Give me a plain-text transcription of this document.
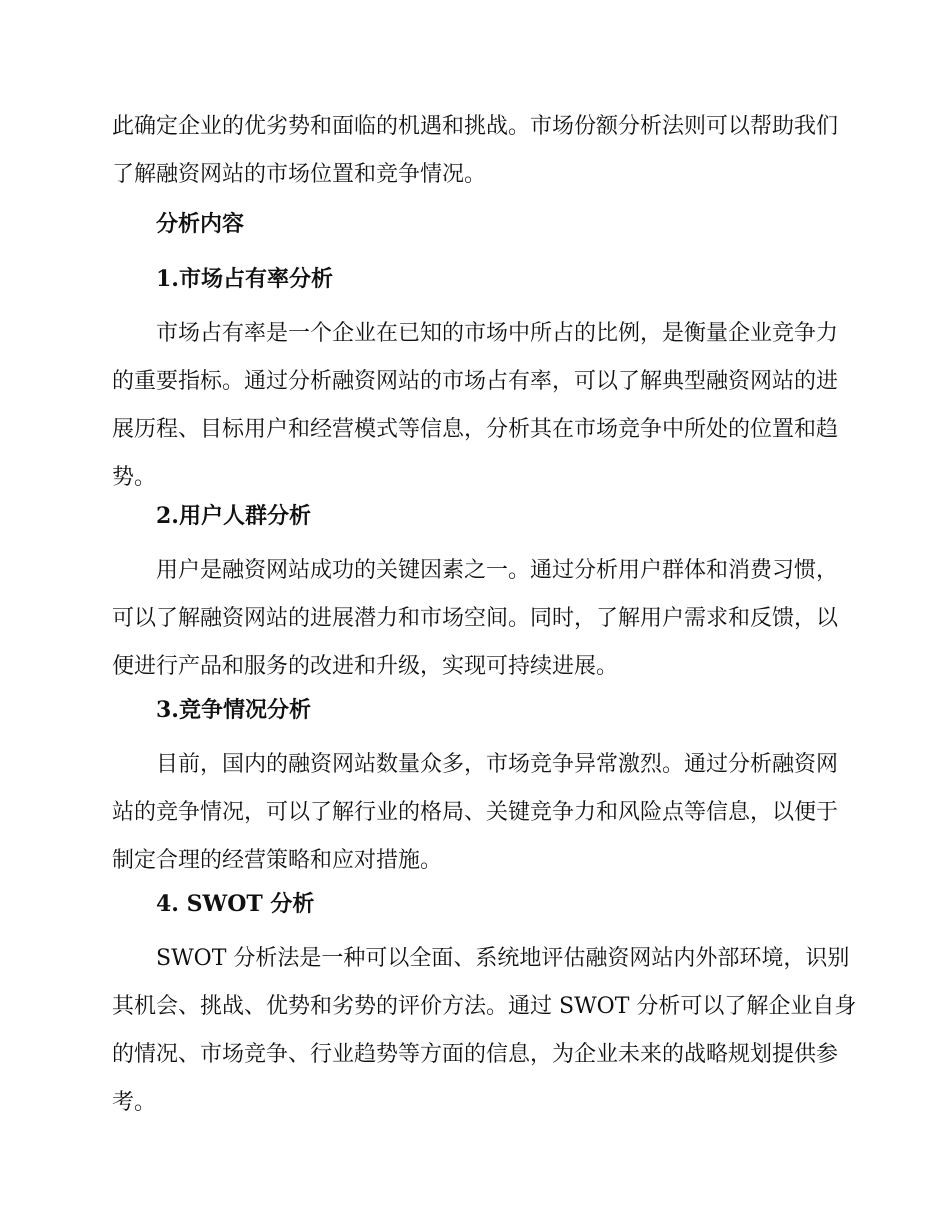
此确定企业的优劣势和面临的机遇和挑战。市场份额分析法则可以帮助我们
了解融资网站的市场位置和竞争情况。

分析内容
1.市场占有率分析

市场占有率是一个企业在已知的市场中所占的比例，是衡量企业竞争力
的重要指标。通过分析融资网站的市场占有率，可以了解典型融资网站的进
展历程、目标用户和经营模式等信息，分析其在市场竞争中所处的位置和趋
势。

2.用户人群分析

用户是融资网站成功的关键因素之一。通过分析用户群体和消费习惯，
可以了解融资网站的进展潜力和市场空间。同时，了解用户需求和反馈，以
便进行产品和服务的改进和升级，实现可持续进展。

3.竞争情况分析

目前，国内的融资网站数量众多，市场竞争异常激烈。通过分析融资网
站的竞争情况，可以了解行业的格局、关键竞争力和风险点等信息，以便于
制定合理的经营策略和应对措施。

4. SWOT 分析

SWOT 分析法是一种可以全面、系统地评估融资网站内外部环境，识别
其机会、挑战、优势和劣势的评价方法。通过 SWOT 分析可以了解企业自身
的情况、市场竞争、行业趋势等方面的信息，为企业未来的战略规划提供参
考。
